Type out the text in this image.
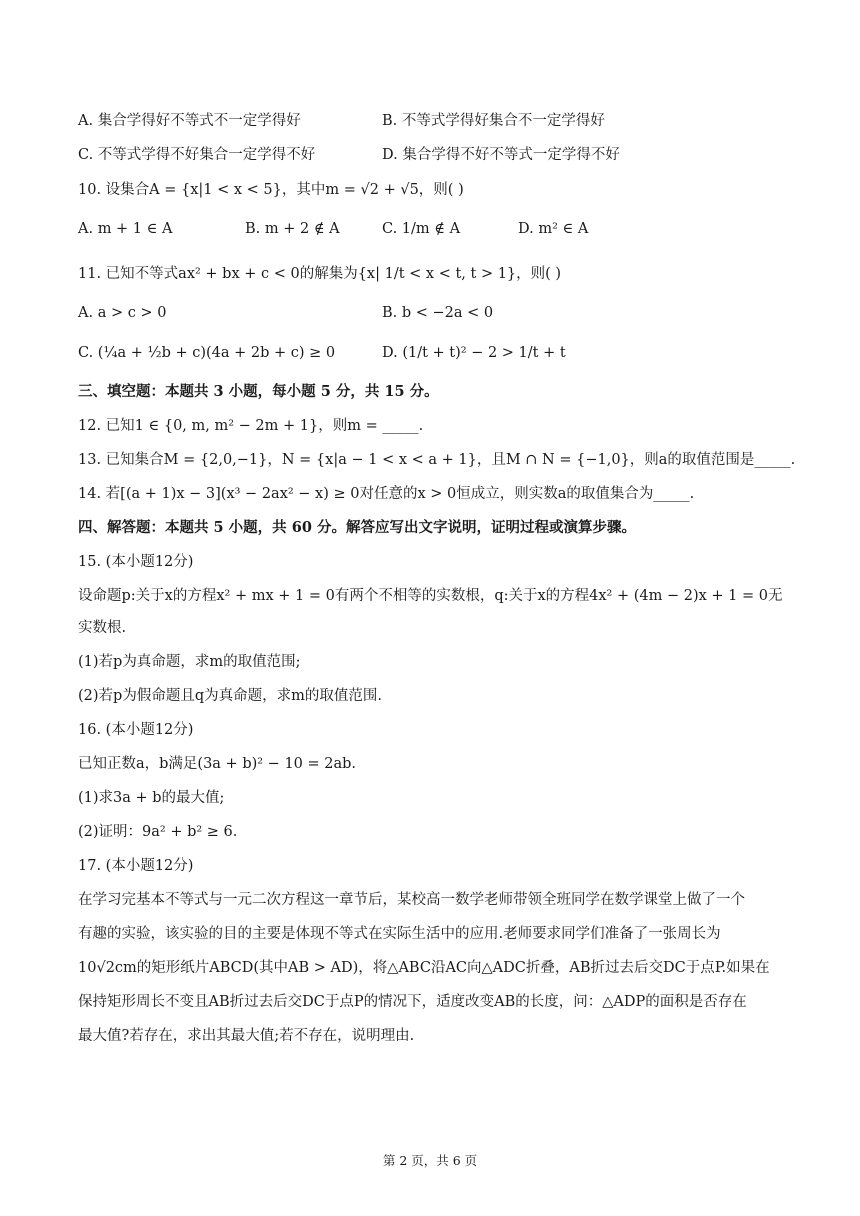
A. 集合学得好不等式不一定学得好	B. 不等式学得好集合不一定学得好
C. 不等式学得不好集合一定学得不好	D. 集合学得不好不等式一定学得不好
10. 设集合A = {x|1 < x < 5}，其中m = √2 + √5，则( )
A. m + 1 ∈ A	B. m + 2 ∉ A	C. 1/m ∉ A	D. m² ∈ A
11. 已知不等式ax² + bx + c < 0的解集为{x| 1/t < x < t, t > 1}，则( )
A. a > c > 0	B. b < −2a < 0
C. (¼a + ½b + c)(4a + 2b + c) ≥ 0	D. (1/t + t)² − 2 > 1/t + t
三、填空题：本题共 3 小题，每小题 5 分，共 15 分。
12. 已知1 ∈ {0, m, m² − 2m + 1}，则m = _____.
13. 已知集合M = {2,0,−1}，N = {x|a − 1 < x < a + 1}，且M ∩ N = {−1,0}，则a的取值范围是_____.
14. 若[(a + 1)x − 3](x³ − 2ax² − x) ≥ 0对任意的x > 0恒成立，则实数a的取值集合为_____.
四、解答题：本题共 5 小题，共 60 分。解答应写出文字说明，证明过程或演算步骤。
15. (本小题12分)
设命题p:关于x的方程x² + mx + 1 = 0有两个不相等的实数根，q:关于x的方程4x² + (4m − 2)x + 1 = 0无
实数根.
(1)若p为真命题，求m的取值范围;
(2)若p为假命题且q为真命题，求m的取值范围.
16. (本小题12分)
已知正数a，b满足(3a + b)² − 10 = 2ab.
(1)求3a + b的最大值;
(2)证明：9a² + b² ≥ 6.
17. (本小题12分)
在学习完基本不等式与一元二次方程这一章节后，某校高一数学老师带领全班同学在数学课堂上做了一个
有趣的实验，该实验的目的主要是体现不等式在实际生活中的应用.老师要求同学们准备了一张周长为
10√2cm的矩形纸片ABCD(其中AB > AD)，将△ABC沿AC向△ADC折叠，AB折过去后交DC于点P.如果在
保持矩形周长不变且AB折过去后交DC于点P的情况下，适度改变AB的长度，问：△ADP的面积是否存在
最大值?若存在，求出其最大值;若不存在，说明理由.
第 2 页，共 6 页
